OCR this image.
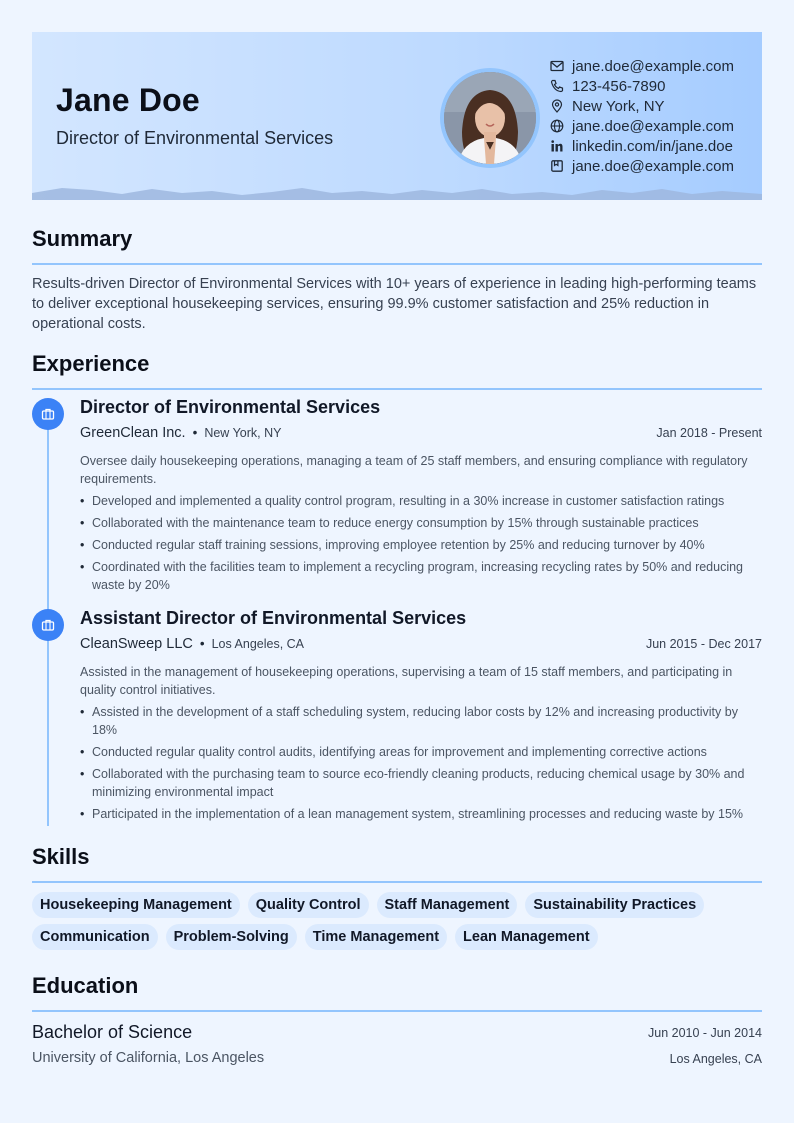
Jane Doe

Director of Environmental Services

jane.doe@example.com
123-456-7890
New York, NY
jane.doe@example.com
linkedin.com/in/jane.doe
jane.doe@example.com
Summary

Results-driven Director of Environmental Services with 10+ years of experience in leading high-performing teams to deliver exceptional housekeeping services, ensuring 99.9% customer satisfaction and 25% reduction in operational costs.

Experience
Director of Environmental Services
GreenClean Inc. • New York, NY	Jan 2018 - Present

Oversee daily housekeeping operations, managing a team of 25 staff members, and ensuring compliance with regulatory requirements.

• Developed and implemented a quality control program, resulting in a 30% increase in customer satisfaction ratings
• Collaborated with the maintenance team to reduce energy consumption by 15% through sustainable practices
• Conducted regular staff training sessions, improving employee retention by 25% and reducing turnover by 40%
• Coordinated with the facilities team to implement a recycling program, increasing recycling rates by 50% and reducing waste by 20%
Assistant Director of Environmental Services
CleanSweep LLC • Los Angeles, CA	Jun 2015 - Dec 2017

Assisted in the management of housekeeping operations, supervising a team of 15 staff members, and participating in quality control initiatives.

• Assisted in the development of a staff scheduling system, reducing labor costs by 12% and increasing productivity by 18%
• Conducted regular quality control audits, identifying areas for improvement and implementing corrective actions
• Collaborated with the purchasing team to source eco-friendly cleaning products, reducing chemical usage by 30% and minimizing environmental impact
• Participated in the implementation of a lean management system, streamlining processes and reducing waste by 15%
Skills
Housekeeping Management	Quality Control	Staff Management	Sustainability Practices
Communication	Problem-Solving	Time Management	Lean Management
Education

Bachelor of Science	Jun 2010 - Jun 2014

University of California, Los Angeles	Los Angeles, CA
